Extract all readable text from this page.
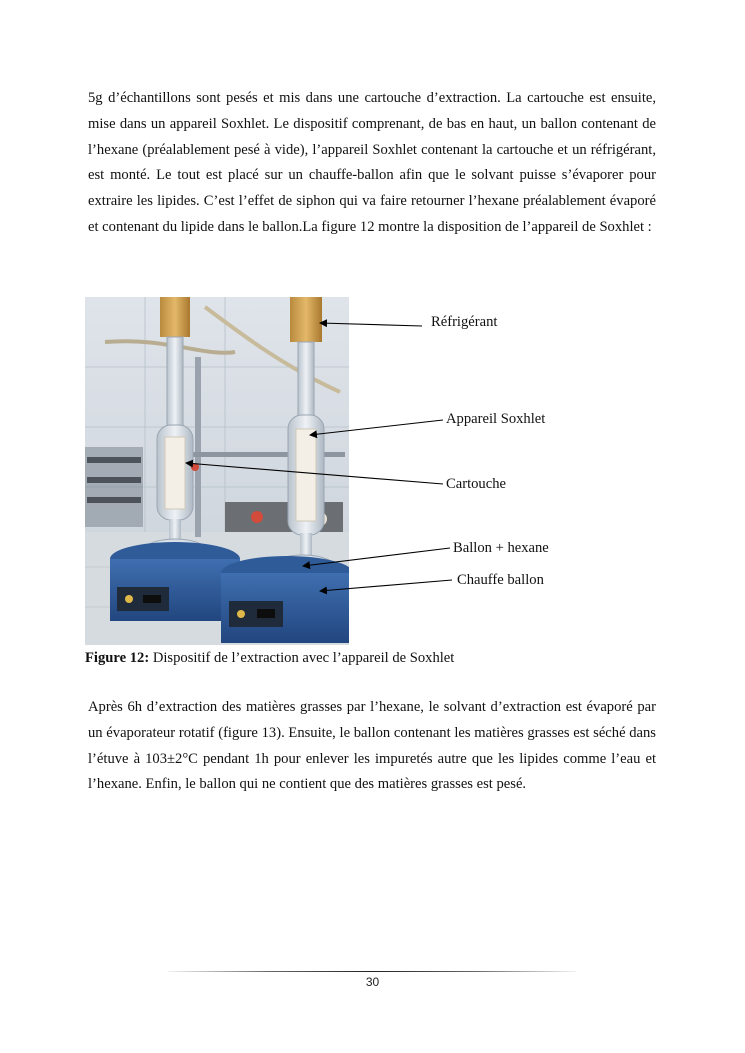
5g d’échantillons sont pesés et mis dans une cartouche d’extraction. La cartouche est ensuite, mise dans un appareil Soxhlet. Le dispositif comprenant, de bas en haut, un ballon contenant de l’hexane (préalablement pesé à vide), l’appareil Soxhlet contenant la cartouche et un réfrigérant, est monté. Le tout est placé sur un chauffe-ballon afin que le solvant puisse s’évaporer pour extraire les lipides. C’est l’effet de siphon qui va faire retourner l’hexane préalablement évaporé et contenant du lipide dans le ballon.La figure 12 montre la disposition de l’appareil de Soxhlet :

Réfrigérant
Appareil Soxhlet
Cartouche
Ballon + hexane
Chauffe ballon
Figure 12: Dispositif de l’extraction avec l’appareil de Soxhlet

Après 6h d’extraction des matières grasses par l’hexane, le solvant d’extraction est évaporé par un évaporateur rotatif (figure 13). Ensuite, le ballon contenant les matières grasses est séché dans l’étuve à 103±2°C pendant 1h pour enlever les impuretés autre que les lipides comme l’eau et l’hexane. Enfin, le ballon qui ne contient que des matières grasses est pesé.

30
